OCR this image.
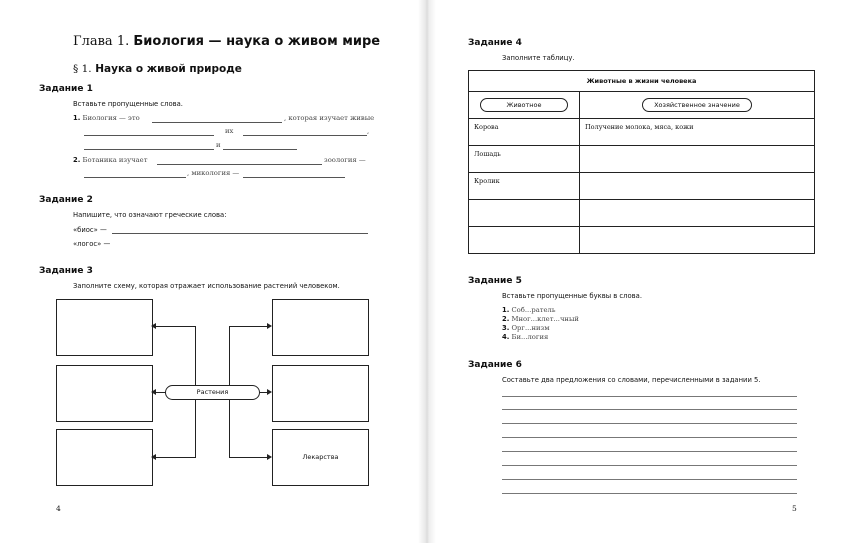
Глава 1. Биология — наука о живом мире
§ 1. Наука о живой природе
Задание 1
Вставьте пропущенные слова.
1. Биология — это	, которая изучает живые
их	,
и
2. Ботаника изучает	зоология —
, микология —
Задание 2
Напишите, что означают греческие слова:
«биос» —
«логос» —
Задание 3
Заполните схему, которая отражает использование растений человеком.
Лекарства
Растения
4
Задание 4
Заполните таблицу.
Животные в жизни человека	

Животное	Хозяйственное значение

Корова	Получение молока, мяса, кожи
Лошадь	
Кролик	

Задание 5
Вставьте пропущенные буквы в слова.
1. Соб...ратель
2. Мног...клет...чный
3. Орг...низм
4. Би...логия
Задание 6
Составьте два предложения со словами, перечисленными в задании 5.
5
